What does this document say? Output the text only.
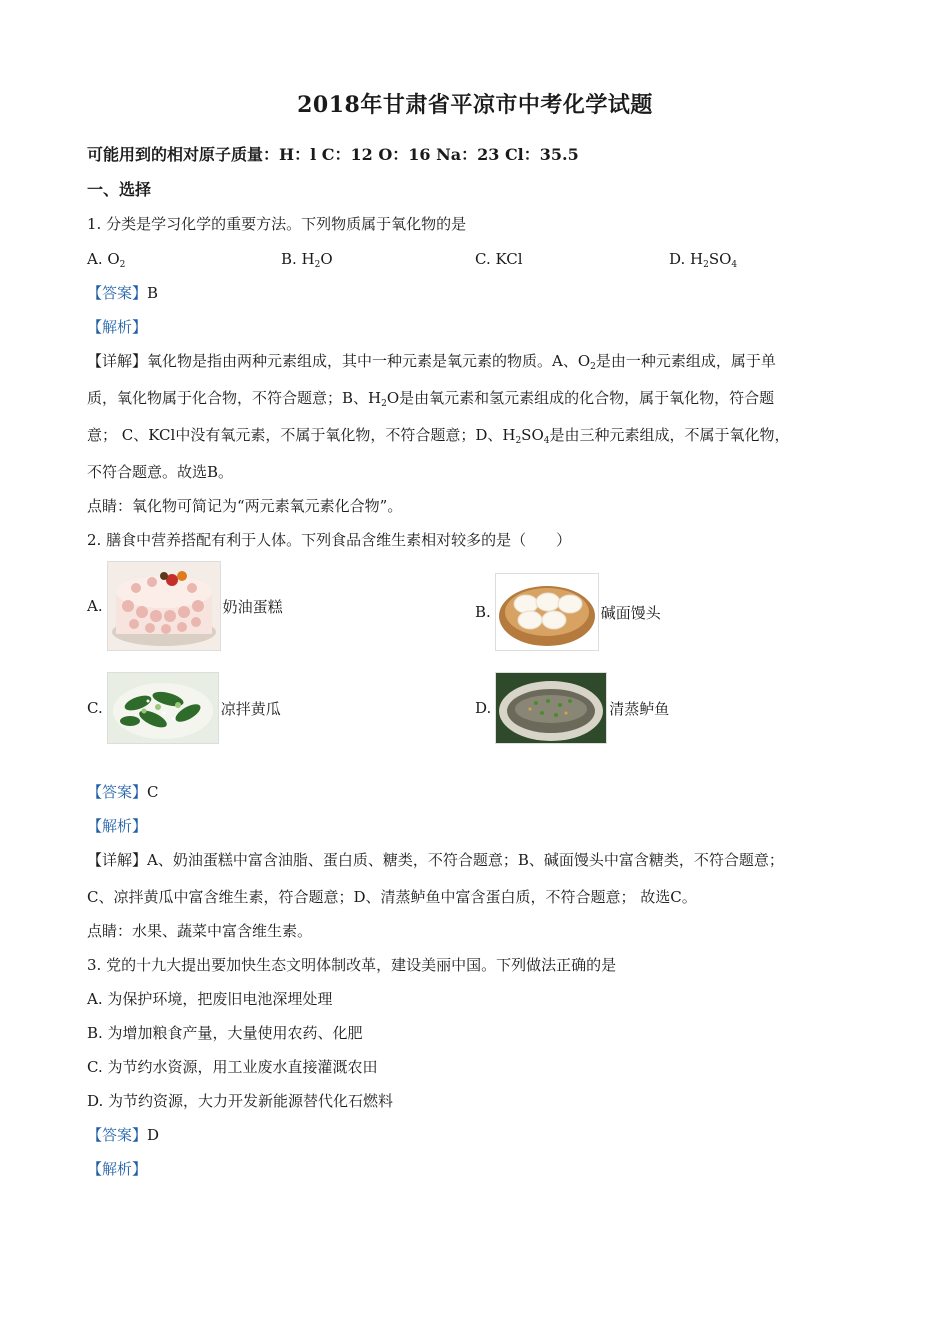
2018年甘肃省平凉市中考化学试题
可能用到的相对原子质量：H：l C：12 O：16 Na：23 Cl：35.5
一、选择
1. 分类是学习化学的重要方法。下列物质属于氧化物的是
A. $O_2$	B. $H_2O$	C. KCl	D. $H_2SO_4$
【答案】B
【解析】
【详解】氧化物是指由两种元素组成，其中一种元素是氧元素的物质。A、$O_2$是由一种元素组成，属于单
质，氧化物属于化合物，不符合题意；B、$H_2O$是由氧元素和氢元素组成的化合物，属于氧化物，符合题
意； C、KCl中没有氧元素，不属于氧化物，不符合题意；D、$H_2SO_4$是由三种元素组成，不属于氧化物，
不符合题意。故选B。
点睛：氧化物可简记为“两元素氧元素化合物”。
2. 膳食中营养搭配有利于人体。下列食品含维生素相对较多的是（　　）
A.	奶油蛋糕	B.	碱面馒头
C.	凉拌黄瓜	D.	清蒸鲈鱼
【答案】C
【解析】
【详解】A、奶油蛋糕中富含油脂、蛋白质、糖类，不符合题意；B、碱面馒头中富含糖类，不符合题意；
C、凉拌黄瓜中富含维生素，符合题意；D、清蒸鲈鱼中富含蛋白质，不符合题意； 故选C。
点睛：水果、蔬菜中富含维生素。
3. 党的十九大提出要加快生态文明体制改革，建设美丽中国。下列做法正确的是
A. 为保护环境，把废旧电池深埋处理
B. 为增加粮食产量，大量使用农药、化肥
C. 为节约水资源，用工业废水直接灌溉农田
D. 为节约资源，大力开发新能源替代化石燃料
【答案】D
【解析】
